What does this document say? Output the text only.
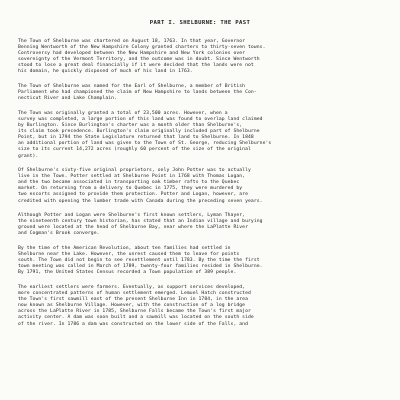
PART I. SHELBURNE: THE PAST

The Town of Shelburne was chartered on August 18, 1763. In that year, Governor
Benning Wentworth of the New Hampshire Colony granted charters to thirty-seven towns.
Controversy had developed between the New Hampshire and New York colonies over
sovereignty of the Vermont Territory, and the outcome was in doubt. Since Wentworth
stood to lose a great deal financially if it were decided that the lands were not
his domain, he quickly disposed of much of his land in 1763.

The Town of Shelburne was named for the Earl of Shelburne, a member of British
Parliament who had championed the claim of New Hampshire to lands between the Con-
necticut River and Lake Champlain.

The Town was originally granted a total of 23,500 acres. However, when a
survey was completed, a large portion of this land was found to overlap land claimed
by Burlington. Since Burlington's charter was a month older than Shelburne's,
its claim took precedence. Burlington's claim originally included part of Shelburne
Point, but in 1794 the State Legislature returned that land to Shelburne. In 1848
an additional portion of land was given to the Town of St. George, reducing Shelburne's
size to its current 14,272 acres (roughly 60 percent of the size of the original
grant).

Of Shelburne's sixty-five original proprietors, only John Potter was to actually
live in the Town. Potter settled at Shelburne Point in 1768 with Thomas Logan,
and the two became associated in transporting oak timber rafts to the Quebec
market. On returning from a delivery to Quebec in 1775, they were murdered by
two escorts assigned to provide them protection. Potter and Logan, however, are
credited with opening the lumber trade with Canada during the preceding seven years.

Although Potter and Logan were Shelburne's first known settlers, Lyman Thayer,
the nineteenth century town historian, has stated that an Indian village and burying
ground were located at the head of Shelburne Bay, near where the LaPlatte River
and Cogman's Brook converge.

By the time of the American Revolution, about ten families had settled in
Shelburne near the Lake. However, the unrest caused them to leave for points
south. The Town did not begin to see resettlement until 1783. By the time the first
town meeting was called in March of 1789, twenty-four families resided in Shelburne.
By 1791, the United States Census recorded a Town population of 389 people.

The earliest settlers were farmers. Eventually, as support services developed,
more concentrated patterns of human settlement emerged. Lemuel Hatch constructed
the Town's first sawmill east of the present Shelburne Inn in 1784, in the area
now known as Shelburne Village. However, with the construction of a log bridge
across the LaPlatte River in 1785, Shelburne Falls became the Town's first major
activity center. A dam was soon built and a sawmill was located on the south side
of the river. In 1786 a dam was constructed on the lower side of the Falls, and
